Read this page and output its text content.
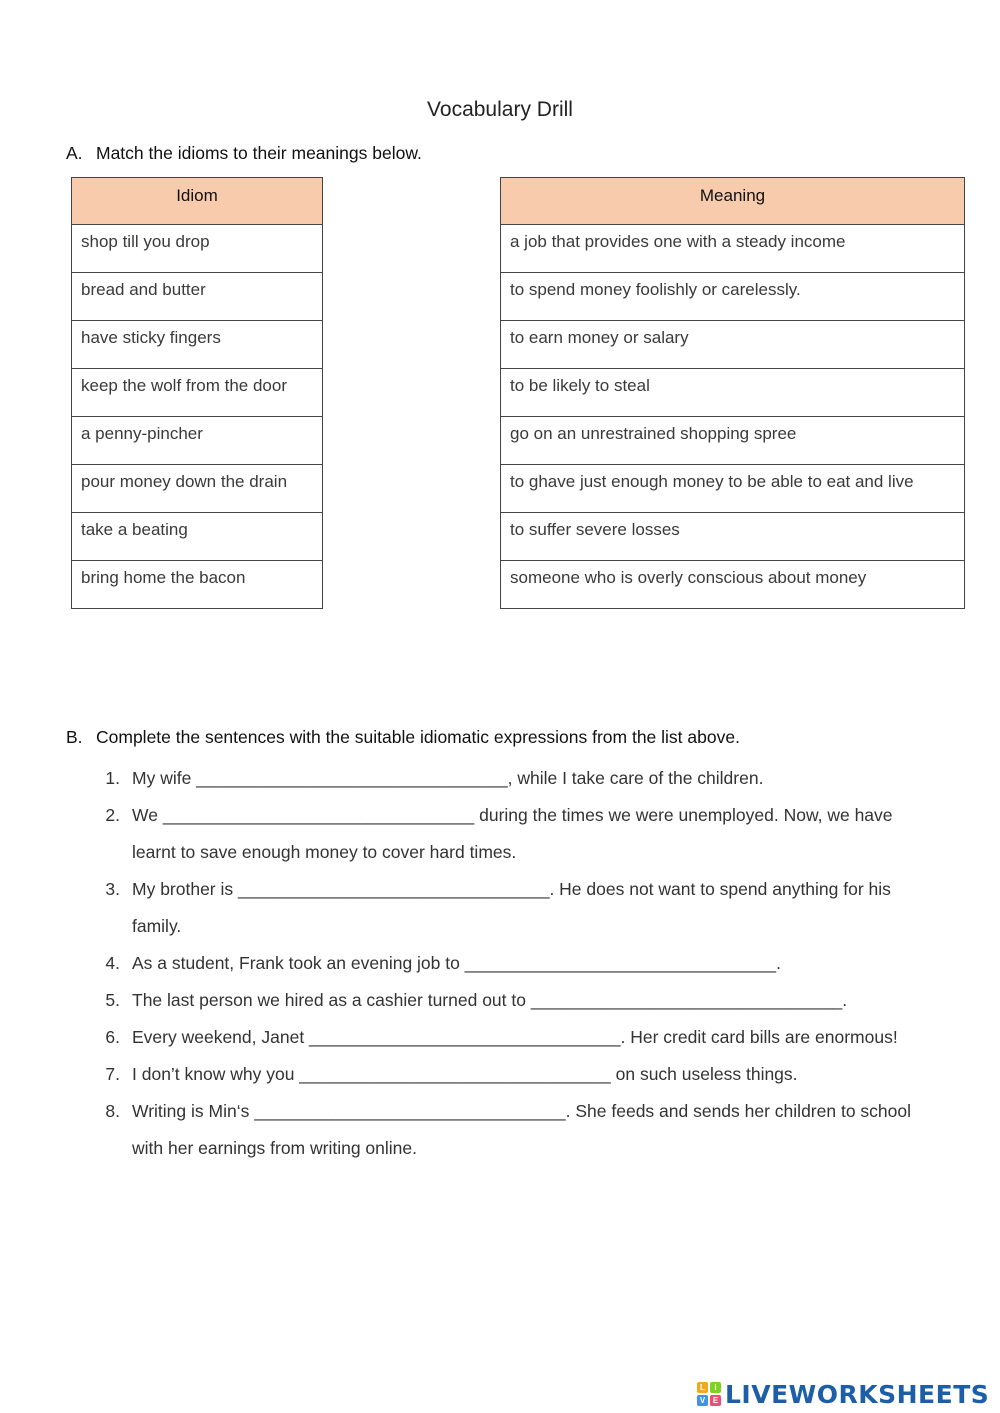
Vocabulary Drill
A. Match the idioms to their meanings below.
Idiom
shop till you drop
bread and butter
have sticky fingers
keep the wolf from the door
a penny-pincher
pour money down the drain
take a beating
bring home the bacon
Meaning
a job that provides one with a steady income
to spend money foolishly or carelessly.
to earn money or salary
to be likely to steal
go on an unrestrained shopping spree
to ghave just enough money to be able to eat and live
to suffer severe losses
someone who is overly conscious about money
B. Complete the sentences with the suitable idiomatic expressions from the list above.
1. My wife ________________________________, while I take care of the children.
2. We ________________________________ during the times we were unemployed. Now, we have learnt to save enough money to cover hard times.
3. My brother is ________________________________. He does not want to spend anything for his family.
4. As a student, Frank took an evening job to ________________________________.
5. The last person we hired as a cashier turned out to ________________________________.
6. Every weekend, Janet ________________________________. Her credit card bills are enormous!
7. I don’t know why you ________________________________ on such useless things.
8. Writing is Min‘s ________________________________. She feeds and sends her children to school with her earnings from writing online.
L	i
V E LIVEWORKSHEETS
